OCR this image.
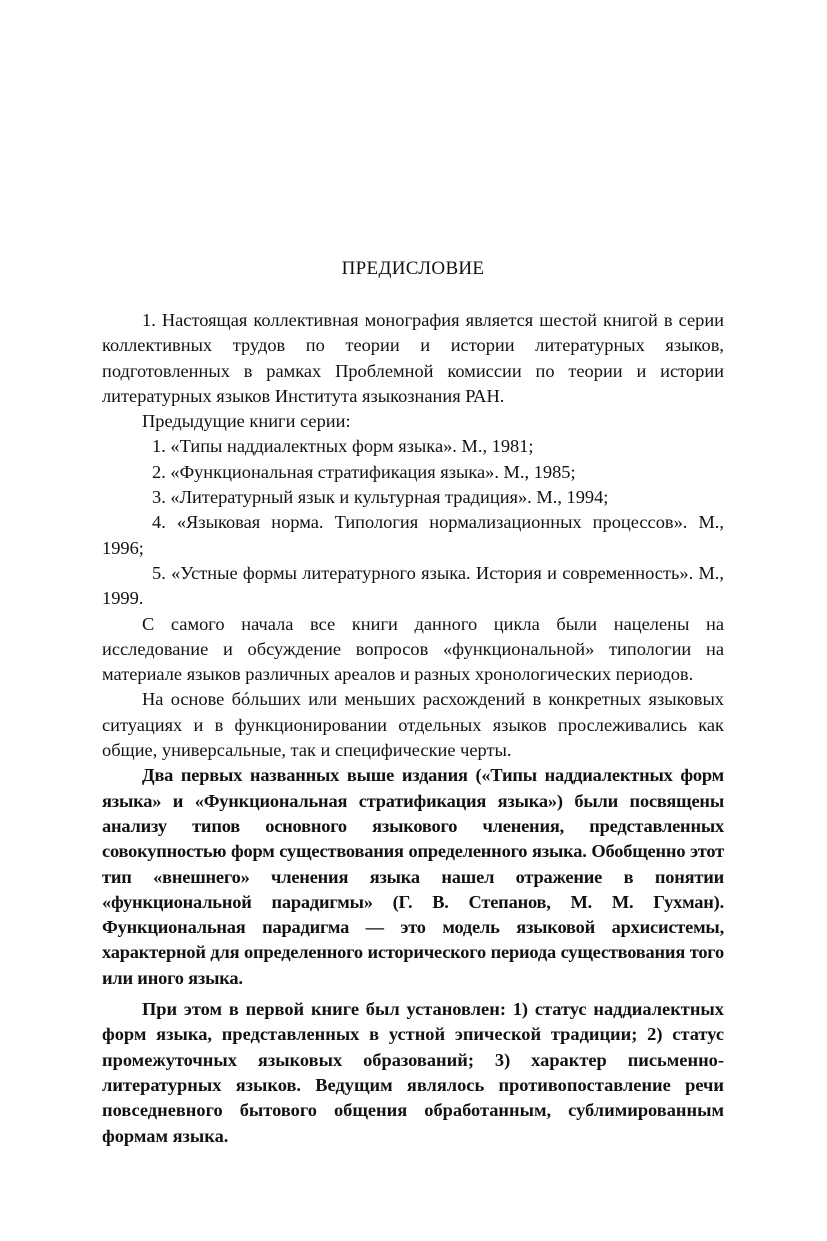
ПРЕДИСЛОВИЕ

1. Настоящая коллективная монография является шестой книгой в серии коллективных трудов по теории и истории литературных языков, подготовленных в рамках Проблемной комиссии по теории и истории литературных языков Института языкознания РАН.

Предыдущие книги серии:

1. «Типы наддиалектных форм языка». М., 1981;

2. «Функциональная стратификация языка». М., 1985;

3. «Литературный язык и культурная традиция». М., 1994;

4. «Языковая норма. Типология нормализационных процессов». М., 1996;

5. «Устные формы литературного языка. История и современность». М., 1999.

С самого начала все книги данного цикла были нацелены на исследование и обсуждение вопросов «функциональной» типологии на материале языков различных ареалов и разных хронологических периодов.

На основе бóльших или меньших расхождений в конкретных языковых ситуациях и в функционировании отдельных языков прослеживались как общие, универсальные, так и специфические черты.

Два первых названных выше издания («Типы наддиалектных форм языка» и «Функциональная стратификация языка») были посвящены анализу типов основного языкового членения, представленных совокупностью форм существования определенного языка. Обобщенно этот тип «внешнего» членения языка нашел отражение в понятии «функциональной парадигмы» (Г. В. Степанов, М. М. Гухман). Функциональная парадигма — это модель языковой архисистемы, характерной для определенного исторического периода существования того или иного языка.

При этом в первой книге был установлен: 1) статус наддиалектных форм языка, представленных в устной эпической традиции; 2) статус промежуточных языковых образований; 3) характер письменно-литературных языков. Ведущим являлось противопоставление речи повседневного бытового общения обработанным, сублимированным формам языка.
